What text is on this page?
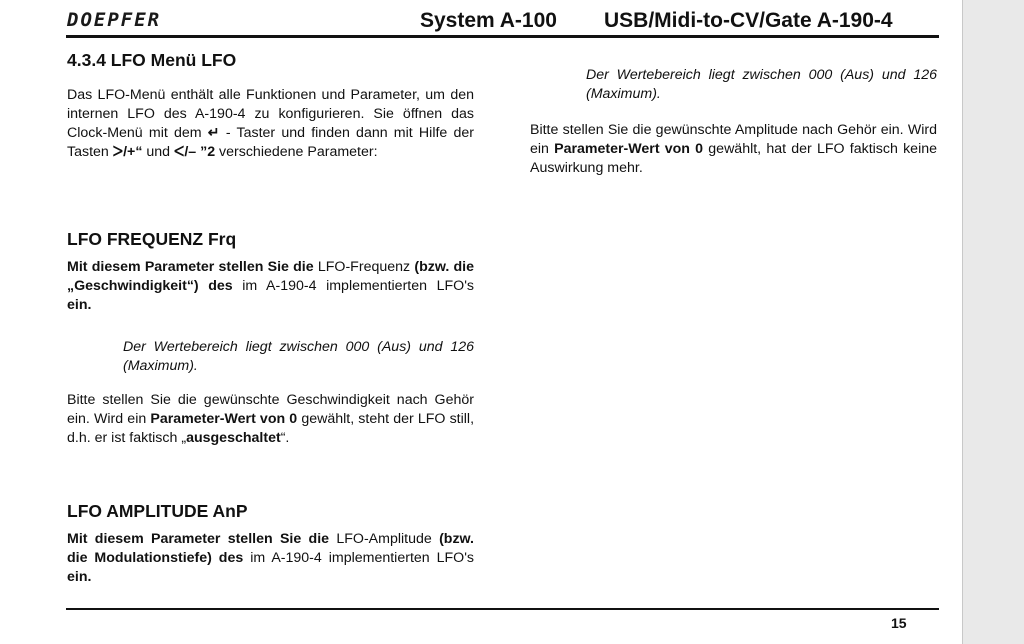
DOEPFER	System A-100 USB/Midi-to-CV/Gate A-190-4
4.3.4 LFO Menü LFO

Das LFO-Menü enthält alle Funktionen und Parameter, um den internen LFO des A-190-4 zu konfigurieren. Sie öffnen das Clock-Menü mit dem ↵ - Taster und finden dann mit Hilfe der Tasten ᐳ/+“ und ᐸ/– ”2 verschiedene Parameter:

LFO FREQUENZ Frq

Mit diesem Parameter stellen Sie die LFO-Frequenz (bzw. die „Geschwindigkeit“) des im A-190-4 implementierten LFO's ein.

Der Wertebereich liegt zwischen 000 (Aus) und 126 (Maximum).

Bitte stellen Sie die gewünschte Geschwindigkeit nach Gehör ein. Wird ein Parameter-Wert von 0 gewählt, steht der LFO still, d.h. er ist faktisch „ausgeschaltet“.

LFO AMPLITUDE AnP

Mit diesem Parameter stellen Sie die LFO-Amplitude (bzw. die Modulationstiefe) des im A-190-4 implementierten LFO's ein.

Der Wertebereich liegt zwischen 000 (Aus) und 126 (Maximum).

Bitte stellen Sie die gewünschte Amplitude nach Gehör ein. Wird ein Parameter-Wert von 0 gewählt, hat der LFO faktisch keine Auswirkung mehr.

15
